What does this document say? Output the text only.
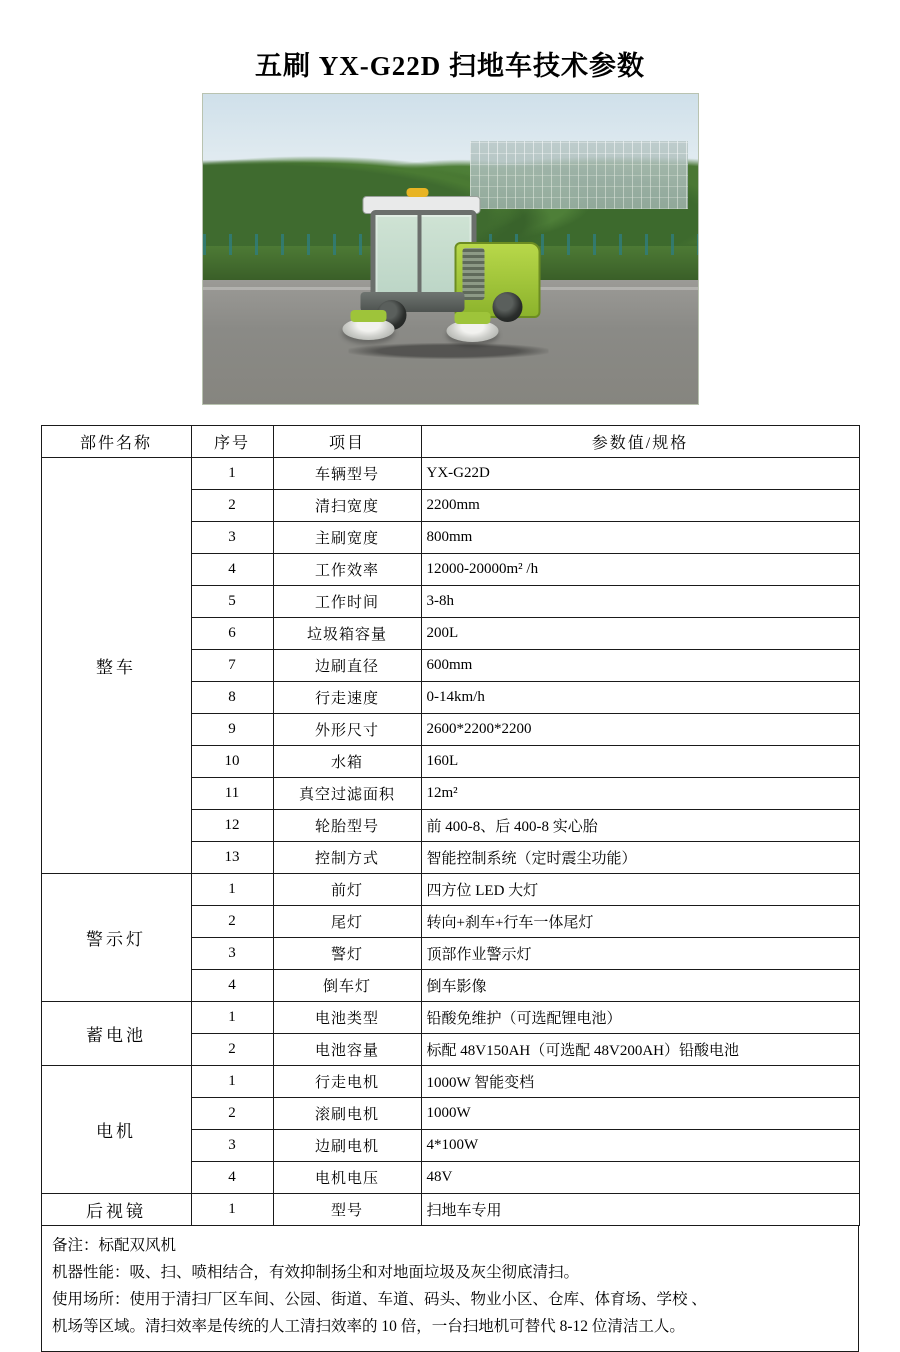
五刷 YX-G22D 扫地车技术参数
部件名称	序号	项目	参数值/规格
整车	1	车辆型号	YX-G22D
	2	清扫宽度	2200mm
	3	主刷宽度	800mm
	4	工作效率	12000-20000m² /h
	5	工作时间	3-8h
	6	垃圾箱容量	200L
	7	边刷直径	600mm
	8	行走速度	0-14km/h
	9	外形尺寸	2600*2200*2200
	10	水箱	160L
	11	真空过滤面积	12m²
	12	轮胎型号	前 400-8、后 400-8 实心胎
	13	控制方式	智能控制系统（定时震尘功能）
警示灯	1	前灯	四方位 LED 大灯
	2	尾灯	转向+刹车+行车一体尾灯
	3	警灯	顶部作业警示灯
	4	倒车灯	倒车影像
蓄电池	1	电池类型	铅酸免维护（可选配锂电池）
	2	电池容量	标配 48V150AH（可选配 48V200AH）铅酸电池
电机	1	行走电机	1000W 智能变档
	2	滚刷电机	1000W
	3	边刷电机	4*100W
	4	电机电压	48V
后视镜	1	型号	扫地车专用
备注：标配双风机
机器性能：吸、扫、喷相结合，有效抑制扬尘和对地面垃圾及灰尘彻底清扫。
使用场所：使用于清扫厂区车间、公园、街道、车道、码头、物业小区、仓库、体育场、学校 、
机场等区域。清扫效率是传统的人工清扫效率的 10 倍，一台扫地机可替代 8-12 位清洁工人。
